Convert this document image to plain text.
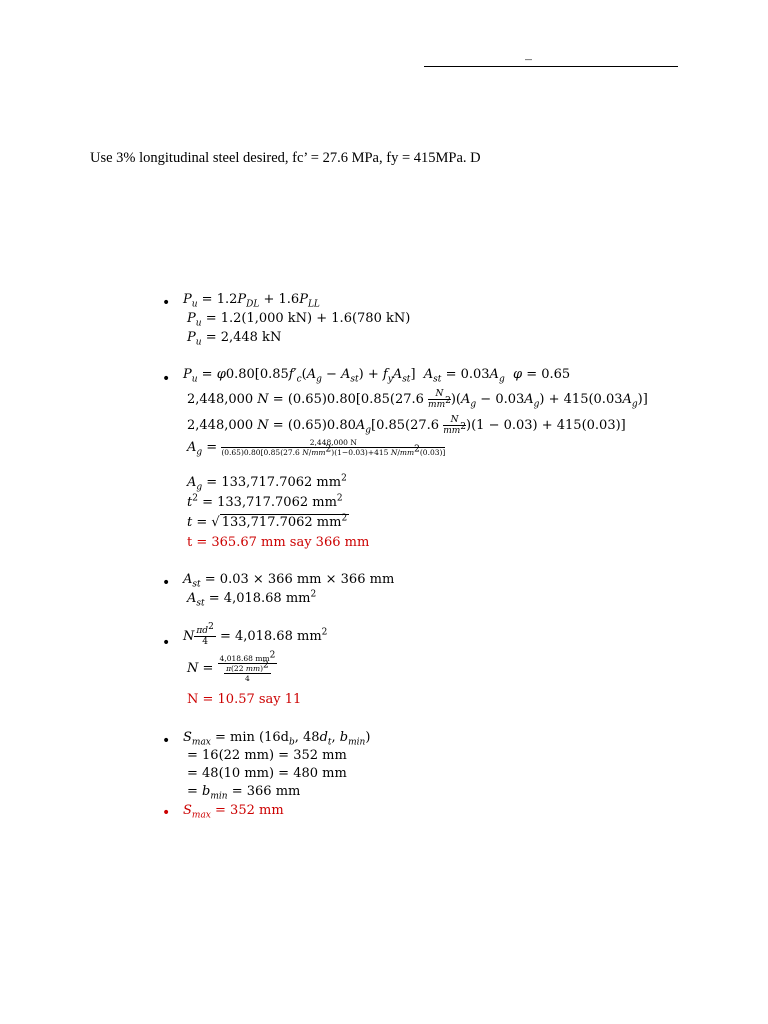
_
Use 3% longitudinal steel desired, fc’ = 27.6 MPa, fy = 415MPa. D
• $P_u = 1.2P_{DL} + 1.6P_{LL}$
$P_u = 1.2(1,000$ kN) + 1.6(780 kN)
$P_u = 2,448$ kN
• $P_u = \varphi 0.80[0.85f'_c(A_g - A_{st}) + f_yA_{st}] A_{st} = 0.03A_g$ φ = 0.65
2,448,000 $N = (0.65)0.80[0.85(27.6 \frac{N}{mm^2} )(A_g - 0.03A_g) + 415(0.03A_g)]$
2,448,000 $N = (0.65)0.80A_g[0.85(27.6 \frac{N}{mm^2} )(1 - 0.03) + 415(0.03)]$
$A_g = \frac{2,448,000 N}{(0.65)0.80[0.85(27.6 N/mm^2)(1-0.03)+415 N/mm^2(0.03)]}$
$A_g = 133,717.7062$ $mm^2$
$t^2 = 133,717.7062$ $mm^2$
t = √ 133,717.7062 $mm^2$
t = 365.67 mm say 366 mm
• $A_{st} = 0.03 \times 366$ mm × 366 mm
$A_{st} = 4,018.68$ $mm^2$
• N $\frac{\pi d^2}{4} = 4,018.68$ $mm^2$
$N = \frac{4,018.68 mm^2}{\frac{\pi(22 mm)^2}{4}}$
N = 10.57 say 11
• $S_{max} = \min (16d_b$, $48d_t$, $b_{min}$)
= 16(22 mm) = 352 mm
= 48(10 mm) = 480 mm
= $b_{min} = 366$ mm
• $S_{max} = 352$ mm
